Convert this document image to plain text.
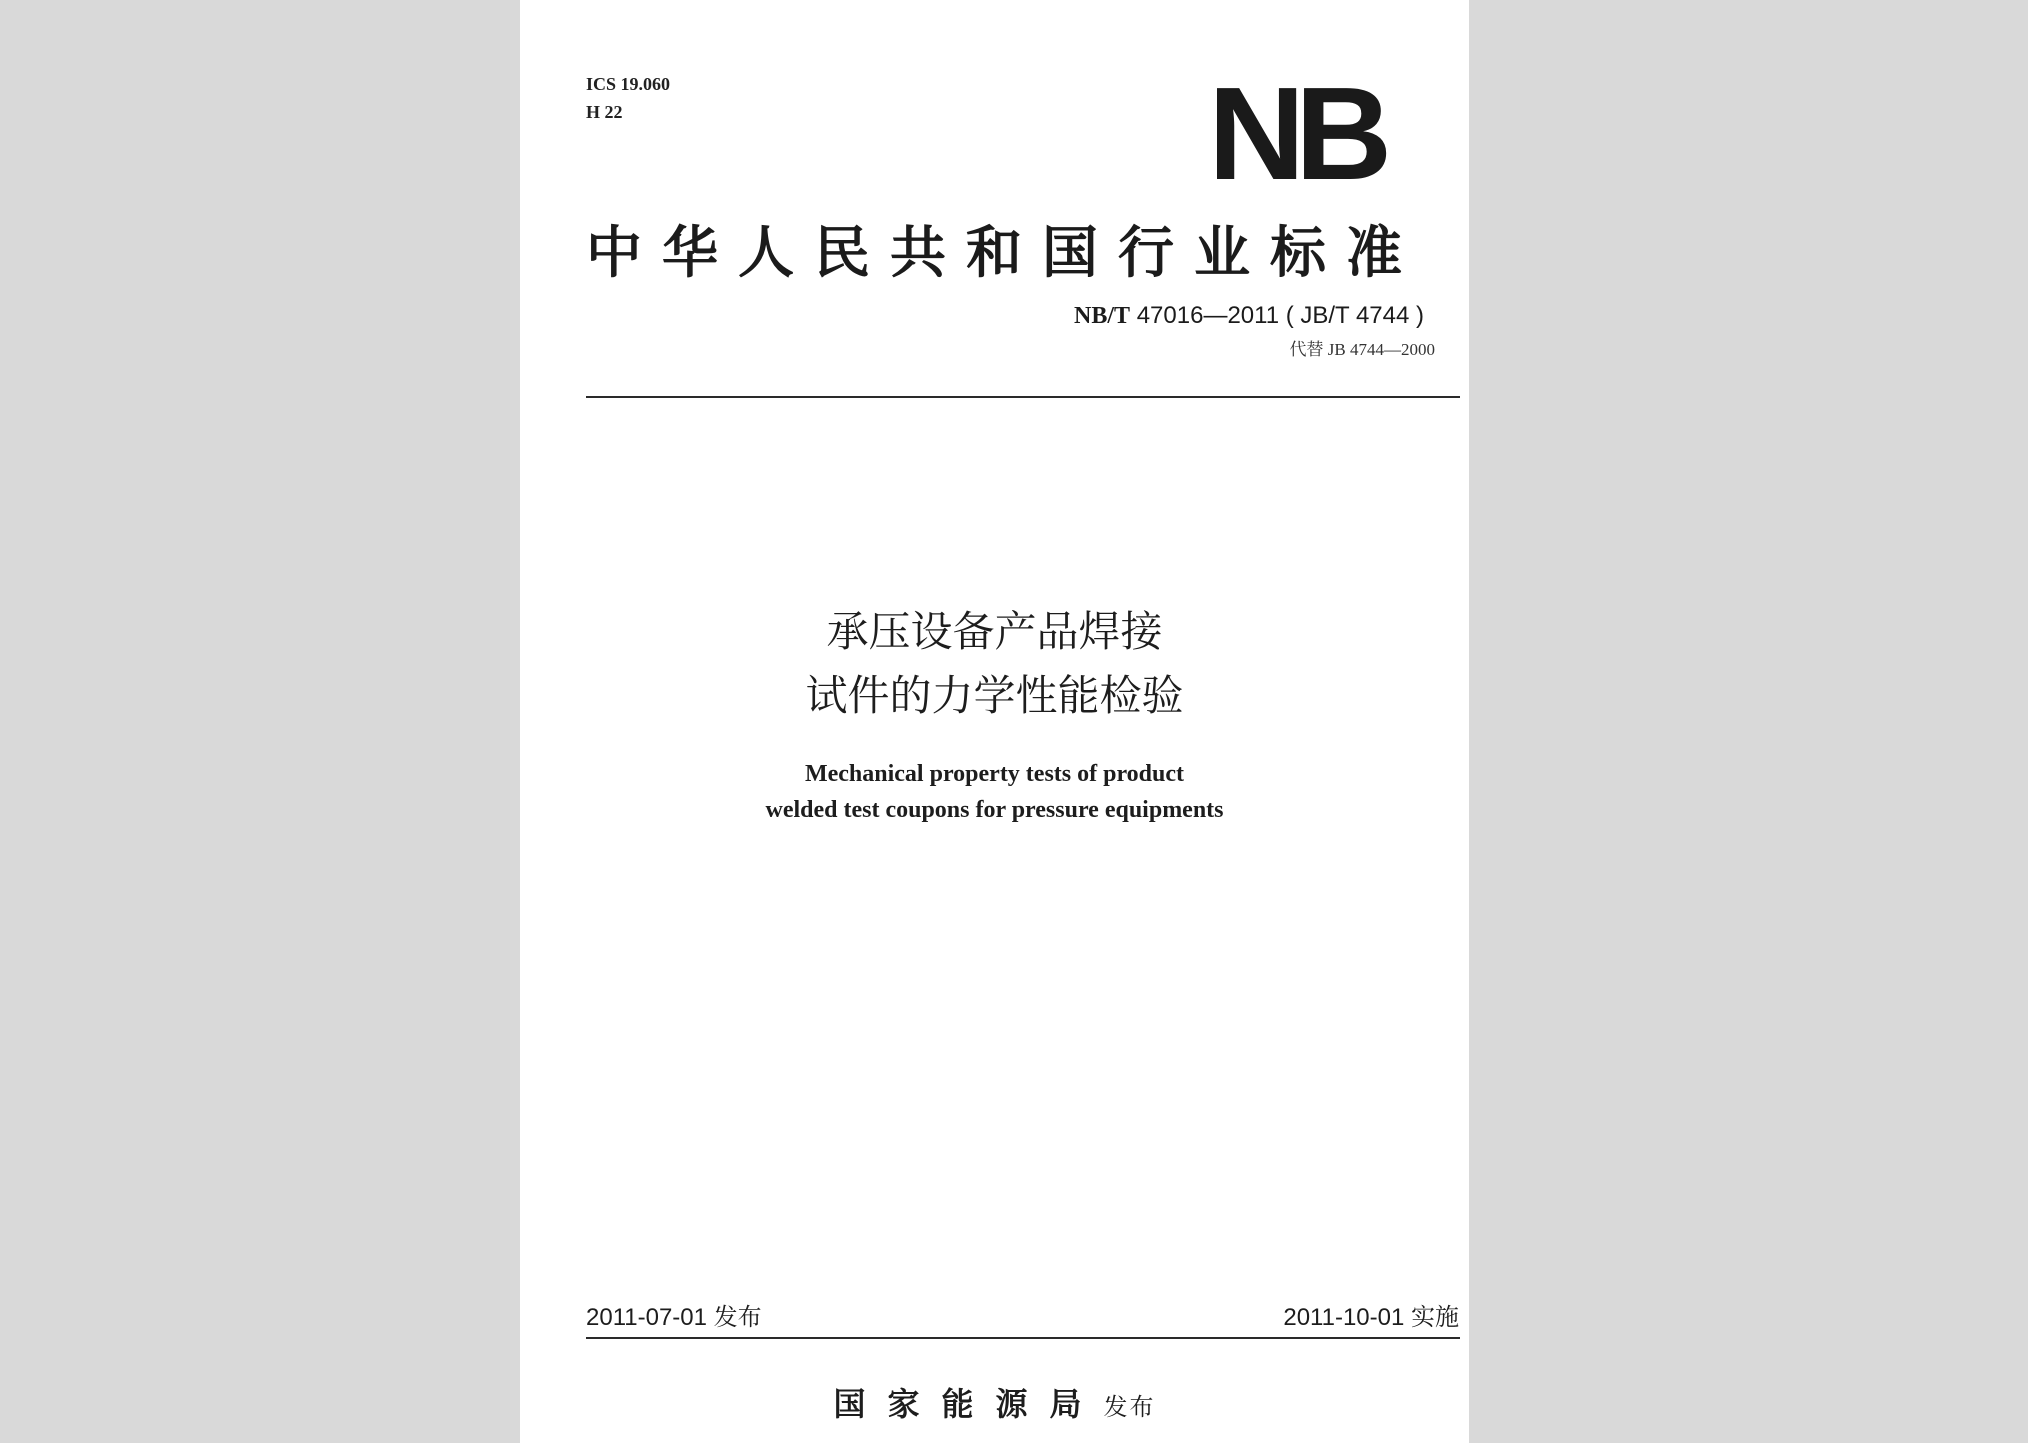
ICS 19.060
H 22	NB
中华人民共和国行业标准
NB/T 47016—2011 ( JB/T 4744 )
代替 JB 4744—2000
承压设备产品焊接
试件的力学性能检验
Mechanical property tests of product
welded test coupons for pressure equipments
2011-07-01 发布	2011-10-01 实施
国家能源局发布
